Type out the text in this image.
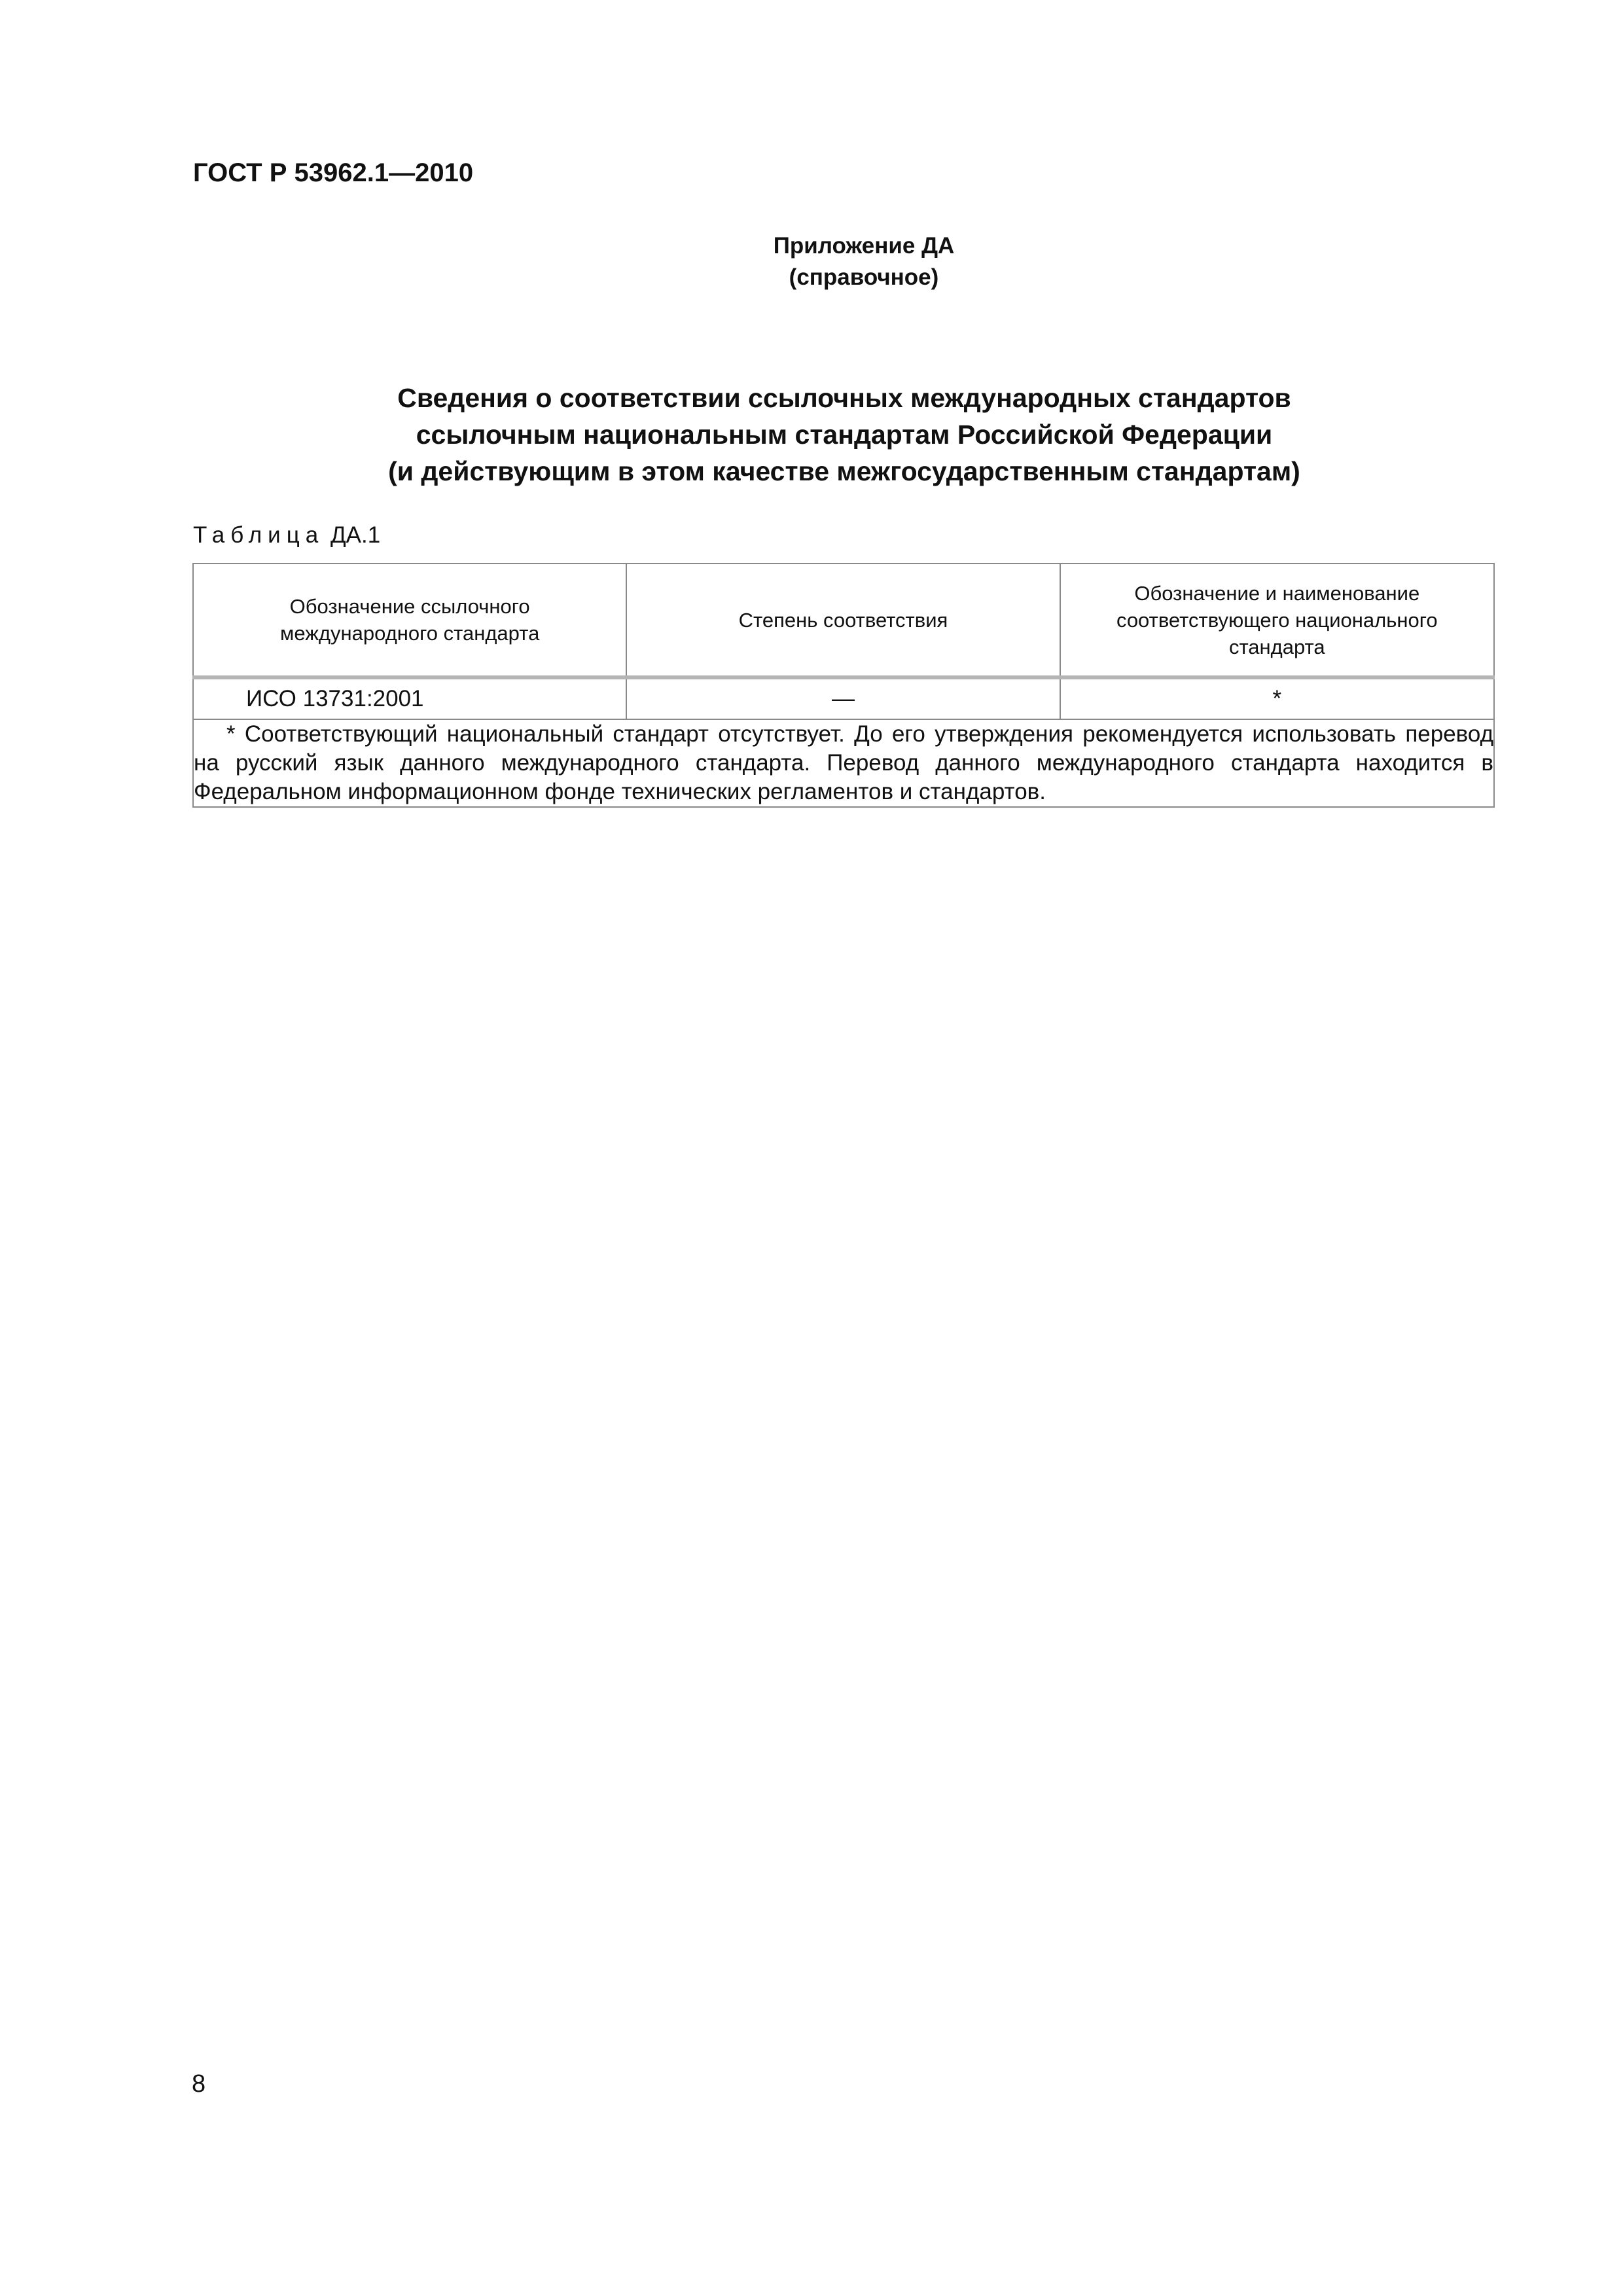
ГОСТ Р 53962.1—2010
Приложение ДА
(справочное)
Сведения о соответствии ссылочных международных стандартов
ссылочным национальным стандартам Российской Федерации
(и действующим в этом качестве межгосударственным стандартам)
Таблица ДА.1
Обозначение ссылочного международного стандарта	Степень соответствия	Обозначение и наименование соответствующего национального стандарта

ИСО 13731:2001	—	*

* Соответствующий национальный стандарт отсутствует. До его утверждения рекомендуется использовать перевод на русский язык данного международного стандарта. Перевод данного международного стандарта находится в Федеральном информационном фонде технических регламентов и стандартов.		
8
